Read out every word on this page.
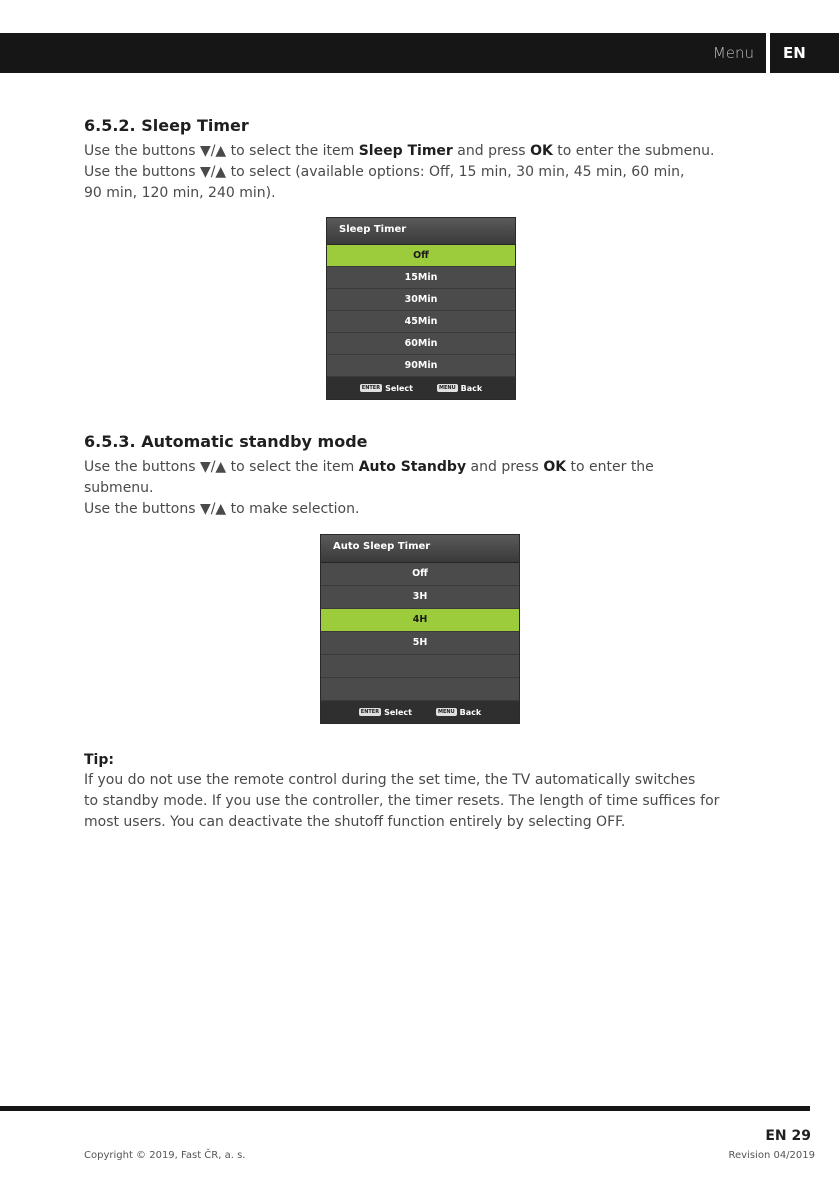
Menu	EN
6.5.2. Sleep Timer

Use the buttons ▼/▲ to select the item Sleep Timer and press OK to enter the submenu.

Use the buttons ▼/▲ to select (available options: Off, 15 min, 30 min, 45 min, 60 min,

90 min, 120 min, 240 min).

Sleep Timer
Off
15Min
30Min
45Min
60Min
90Min
ENTER Select	MENU Back
6.5.3. Automatic standby mode

Use the buttons ▼/▲ to select the item Auto Standby and press OK to enter the

submenu.

Use the buttons ▼/▲ to make selection.

Auto Sleep Timer
Off
3H
4H
5H
ENTER Select	MENU Back
Tip:

If you do not use the remote control during the set time, the TV automatically switches

to standby mode. If you use the controller, the timer resets. The length of time suffices for

most users. You can deactivate the shutoff function entirely by selecting OFF.

EN 29
Copyright © 2019, Fast ČR, a. s.	Revision 04/2019
